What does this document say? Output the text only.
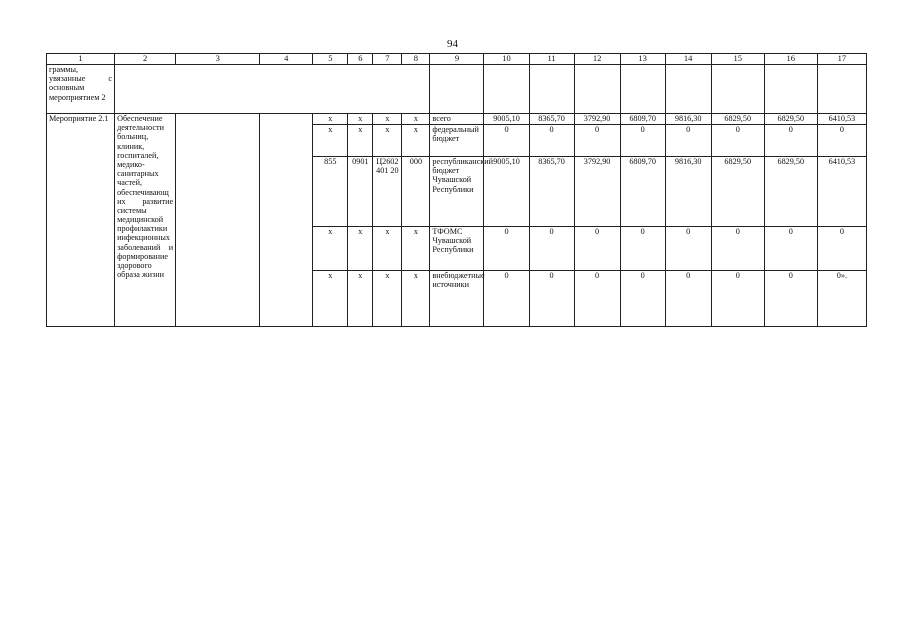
94
1	2	3	4	5	6	7	8	9	10	11	12	13	14	15	16	17
граммы, увязанные с основным мероприятием 2																
Мероприятие 2.1	Обеспечение деятельности больниц, клиник, госпиталей, медико-санитарных частей, обеспечивающих развитие системы медицинской профилактики инфекционных заболеваний и формирование здорового образа жизни			x	x	x	x	всего	9005,10	8365,70	3792,90	6809,70	9816,30	6829,50	6829,50	6410,53
				x	x	x	x	федеральный бюджет	0	0	0	0	0	0	0	0
				855	0901	Ц2602401 20	000	республиканский бюджет Чувашской Республики	9005,10	8365,70	3792,90	6809,70	9816,30	6829,50	6829,50	6410,53
				x	x	x	x	ТФОМС Чувашской Республики	0	0	0	0	0	0	0	0
				x	x	x	x	внебюджетные источники	0	0	0	0	0	0	0	0».
